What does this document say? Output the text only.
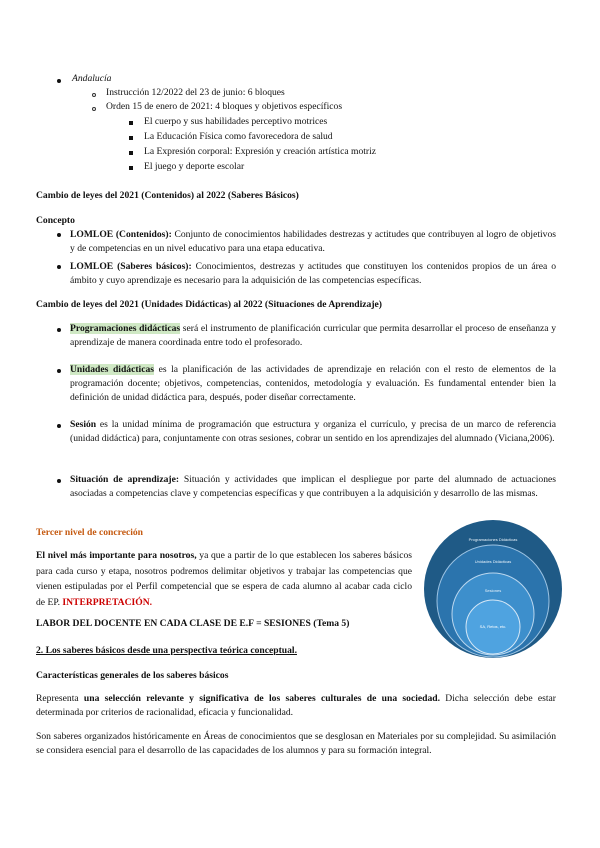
Andalucía
Instrucción 12/2022 del 23 de junio: 6 bloques
Orden 15 de enero de 2021: 4 bloques y objetivos específicos
El cuerpo y sus habilidades perceptivo motrices
La Educación Física como favorecedora de salud
La Expresión corporal: Expresión y creación artística motriz
El juego y deporte escolar
Cambio de leyes del 2021 (Contenidos) al 2022 (Saberes Básicos)
Concepto
LOMLOE (Contenidos): Conjunto de conocimientos habilidades destrezas y actitudes que contribuyen al logro de objetivos y de competencias en un nivel educativo para una etapa educativa.
LOMLOE (Saberes básicos): Conocimientos, destrezas y actitudes que constituyen los contenidos propios de un área o ámbito y cuyo aprendizaje es necesario para la adquisición de las competencias específicas.
Cambio de leyes del 2021 (Unidades Didácticas) al 2022 (Situaciones de Aprendizaje)
Programaciones didácticas será el instrumento de planificación curricular que permita desarrollar el proceso de enseñanza y aprendizaje de manera coordinada entre todo el profesorado.
Unidades didácticas es la planificación de las actividades de aprendizaje en relación con el resto de elementos de la programación docente; objetivos, competencias, contenidos, metodología y evaluación. Es fundamental entender bien la definición de unidad didáctica para, después, poder diseñar correctamente.
Sesión es la unidad mínima de programación que estructura y organiza el currículo, y precisa de un marco de referencia (unidad didáctica) para, conjuntamente con otras sesiones, cobrar un sentido en los aprendizajes del alumnado (Viciana,2006).
Situación de aprendizaje: Situación y actividades que implican el despliegue por parte del alumnado de actuaciones asociadas a competencias clave y competencias específicas y que contribuyen a la adquisición y desarrollo de las mismas.
Tercer nivel de concreción
El nivel más importante para nosotros, ya que a partir de lo que establecen los saberes básicos para cada curso y etapa, nosotros podremos delimitar objetivos y trabajar las competencias que vienen estipuladas por el Perfil competencial que se espera de cada alumno al acabar cada ciclo de EP. INTERPRETACIÓN.
LABOR DEL DOCENTE EN CADA CLASE DE E.F = SESIONES (Tema 5)
Programaciones Didácticas
Unidades Didácticas
Sesiones
SA, Retos, etc.
2. Los saberes básicos desde una perspectiva teórica conceptual.
Características generales de los saberes básicos
Representa una selección relevante y significativa de los saberes culturales de una sociedad. Dicha selección debe estar determinada por criterios de racionalidad, eficacia y funcionalidad.
Son saberes organizados históricamente en Áreas de conocimientos que se desglosan en Materiales por su complejidad. Su asimilación se considera esencial para el desarrollo de las capacidades de los alumnos y para su formación integral.
